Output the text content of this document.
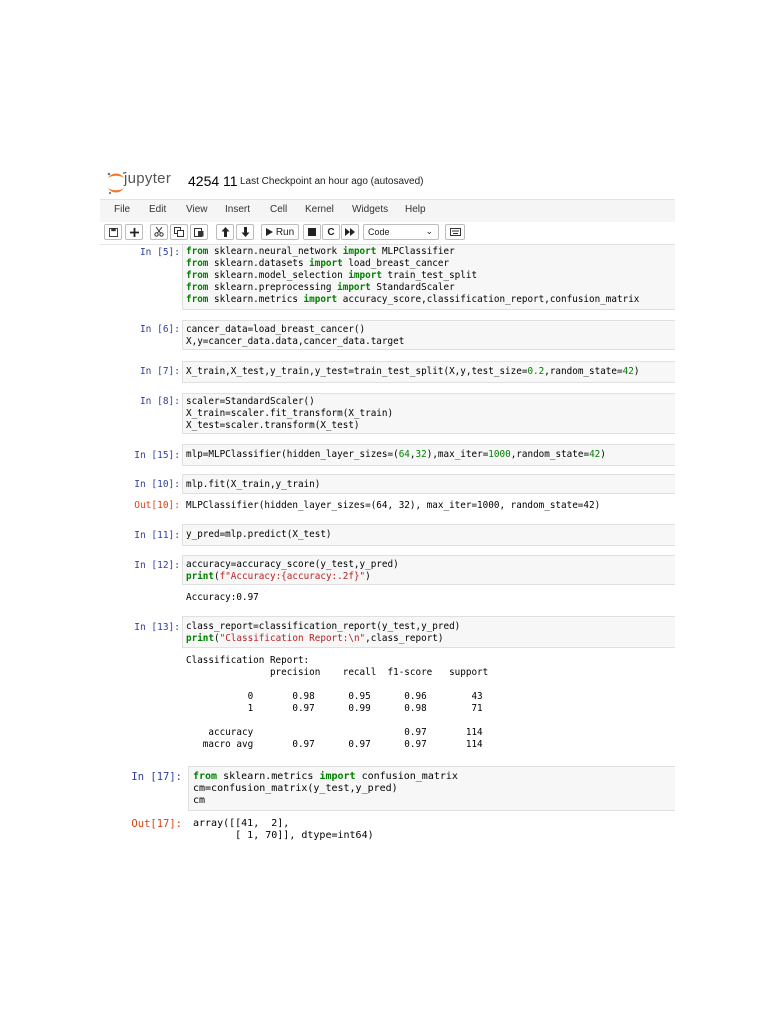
jupyter 4254 11 Last Checkpoint an hour ago (autosaved)
File Edit View Insert Cell Kernel Widgets Help
Run	C	Code	⌄
In [5]: from sklearn.neural_network import MLPClassifier
from sklearn.datasets import load_breast_cancer
from sklearn.model_selection import train_test_split
from sklearn.preprocessing import StandardScaler
from sklearn.metrics import accuracy_score,classification_report,confusion_matrix
In [6]: cancer_data=load_breast_cancer()
X,y=cancer_data.data,cancer_data.target
In [7]: X_train,X_test,y_train,y_test=train_test_split(X,y,test_size=0.2,random_state=42)
In [8]: scaler=StandardScaler()
X_train=scaler.fit_transform(X_train)
X_test=scaler.transform(X_test)
In [15]: mlp=MLPClassifier(hidden_layer_sizes=(64,32),max_iter=1000,random_state=42)
In [10]: mlp.fit(X_train,y_train)
Out[10]: MLPClassifier(hidden_layer_sizes=(64, 32), max_iter=1000, random_state=42)
In [11]: y_pred=mlp.predict(X_test)
In [12]: accuracy=accuracy_score(y_test,y_pred)
print(f"Accuracy:{accuracy:.2f}")
Accuracy:0.97
In [13]: class_report=classification_report(y_test,y_pred)
print("Classification Report:\n",class_report)
Classification Report:
precision    recall  f1-score   support

0       0.98      0.95      0.96        43
1       0.97      0.99      0.98        71

accuracy                           0.97       114
macro avg       0.97      0.97      0.97       114
In [17]: from sklearn.metrics import confusion_matrix
cm=confusion_matrix(y_test,y_pred)
cm
Out[17]: array([[41,  2],
[ 1, 70]], dtype=int64)
